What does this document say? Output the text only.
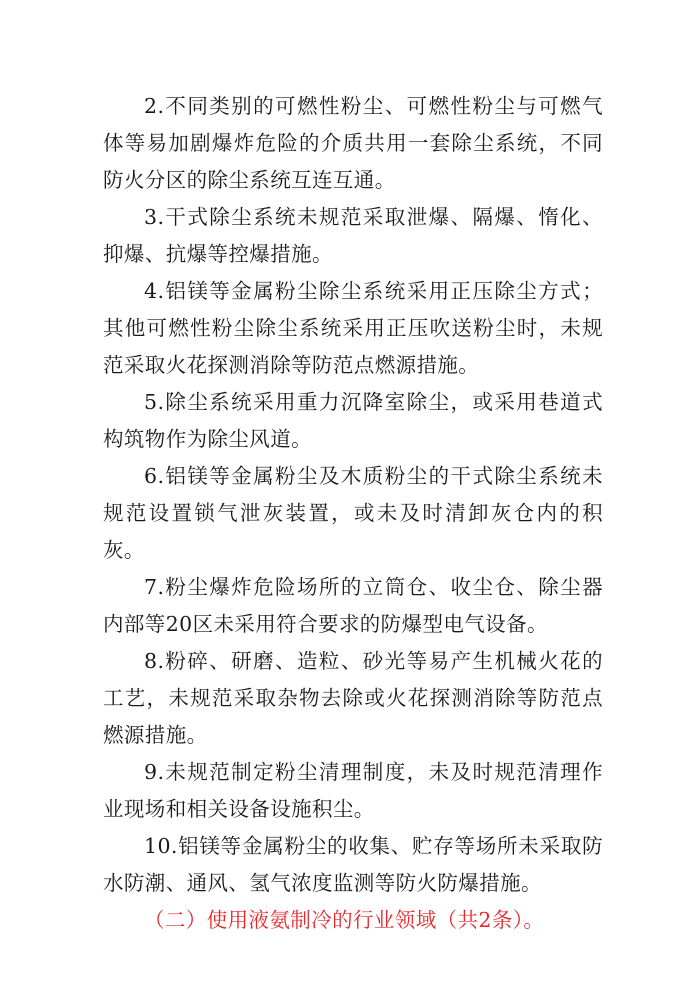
2.不同类别的可燃性粉尘、可燃性粉尘与可燃气体等易加剧爆炸危险的介质共用一套除尘系统，不同防火分区的除尘系统互连互通。

3.干式除尘系统未规范采取泄爆、隔爆、惰化、抑爆、抗爆等控爆措施。

4.铝镁等金属粉尘除尘系统采用正压除尘方式；其他可燃性粉尘除尘系统采用正压吹送粉尘时，未规范采取火花探测消除等防范点燃源措施。

5.除尘系统采用重力沉降室除尘，或采用巷道式构筑物作为除尘风道。

6.铝镁等金属粉尘及木质粉尘的干式除尘系统未规范设置锁气泄灰装置，或未及时清卸灰仓内的积灰。

7.粉尘爆炸危险场所的立筒仓、收尘仓、除尘器内部等20区未采用符合要求的防爆型电气设备。

8.粉碎、研磨、造粒、砂光等易产生机械火花的工艺，未规范采取杂物去除或火花探测消除等防范点燃源措施。

9.未规范制定粉尘清理制度，未及时规范清理作业现场和相关设备设施积尘。

10.铝镁等金属粉尘的收集、贮存等场所未采取防水防潮、通风、氢气浓度监测等防火防爆措施。

（二）使用液氨制冷的行业领域（共2条）。
